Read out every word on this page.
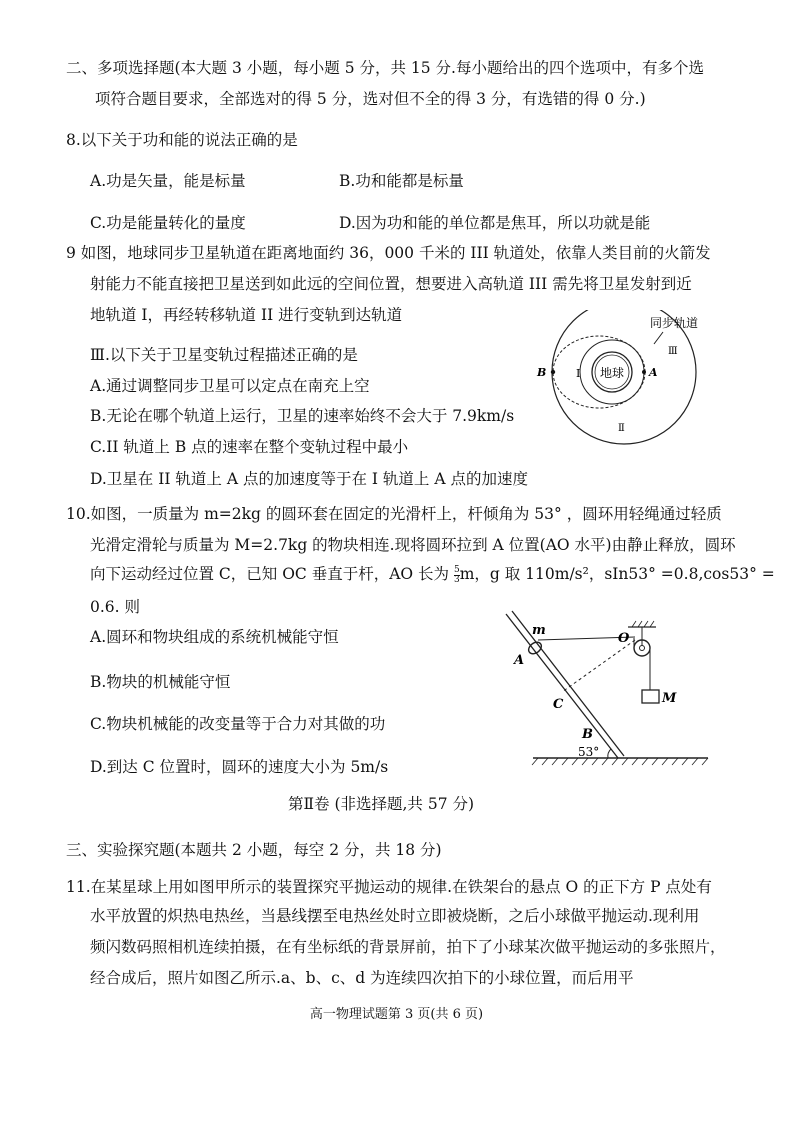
二、多项选择题(本大题 3 小题，每小题 5 分，共 15 分.每小题给出的四个选项中，有多个选
项符合题目要求，全部选对的得 5 分，选对但不全的得 3 分，有选错的得 0 分.)
8.以下关于功和能的说法正确的是
A.功是矢量，能是标量	B.功和能都是标量
C.功是能量转化的量度	D.因为功和能的单位都是焦耳，所以功就是能
9 如图，地球同步卫星轨道在距离地面约 36，000 千米的 III 轨道处，依靠人类目前的火箭发
射能力不能直接把卫星送到如此远的空间位置，想要进入高轨道 III 需先将卫星发射到近
地轨道 I，再经转移轨道 II 进行变轨到达轨道
Ⅲ.以下关于卫星变轨过程描述正确的是
A.通过调整同步卫星可以定点在南充上空
B.无论在哪个轨道上运行，卫星的速率始终不会大于 7.9km/s
C.II 轨道上 B 点的速率在整个变轨过程中最小
D.卫星在 II 轨道上 A 点的加速度等于在 I 轨道上 A 点的加速度
地球 A
B	I
Ⅱ
Ⅲ
同步轨道
10.如图，一质量为 m=2kg 的圆环套在固定的光滑杆上，杆倾角为 53° ，圆环用轻绳通过轻质
光滑定滑轮与质量为 M=2.7kg 的物块相连.现将圆环拉到 A 位置(AO 水平)由静止释放，圆环
向下运动经过位置 C，已知 OC 垂直于杆，AO 长为 $\frac{5}{3}$ m，g 取 110m/s²，sIn53° =0.8,cos53° =
0.6. 则
A.圆环和物块组成的系统机械能守恒
B.物块的机械能守恒
C.物块机械能的改变量等于合力对其做的功
D.到达 C 位置时，圆环的速度大小为 5m/s
m
O
A
M
C
B
53°
第Ⅱ卷 (非选择题,共 57 分)
三、实验探究题(本题共 2 小题，每空 2 分，共 18 分)
11.在某星球上用如图甲所示的装置探究平抛运动的规律.在铁架台的悬点 O 的正下方 P 点处有
水平放置的炽热电热丝，当悬线摆至电热丝处时立即被烧断，之后小球做平抛运动.现利用
频闪数码照相机连续拍摄，在有坐标纸的背景屏前，拍下了小球某次做平抛运动的多张照片，
经合成后，照片如图乙所示.a、b、c、d 为连续四次拍下的小球位置，而后用平
高一物理试题第 3 页(共 6 页)
